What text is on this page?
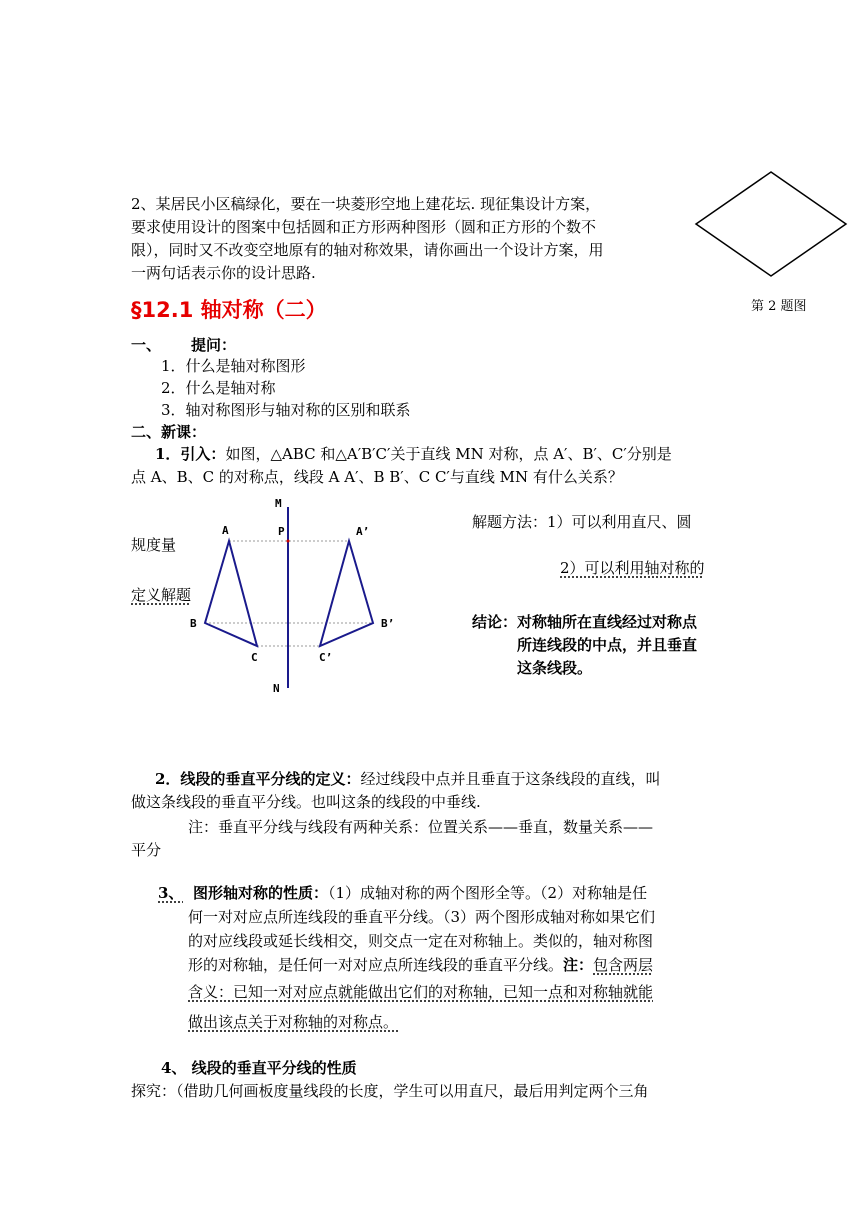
2、某居民小区稿绿化，要在一块菱形空地上建花坛. 现征集设计方案，
要求使用设计的图案中包括圆和正方形两种图形（圆和正方形的个数不
限），同时又不改变空地原有的轴对称效果，请你画出一个设计方案，用
一两句话表示你的设计思路.
第 2 题图
§12.1 轴对称（二）
一、 提问：
1．什么是轴对称图形
2．什么是轴对称
3．轴对称图形与轴对称的区别和联系
二、新课：
1．引入：如图，△ABC 和△A′B′C′关于直线 MN 对称，点 A′、B′、C′分别是
点 A、B、C 的对称点，线段 A A′、B B′、C C′与直线 MN 有什么关系？
M
P
N
A
B
C
A’
B’
C’
解题方法：1）可以利用直尺、圆
规度量
2）可以利用轴对称的
定义解题
结论： 对称轴所在直线经过对称点
所连线段的中点，并且垂直
这条线段。
2．线段的垂直平分线的定义：经过线段中点并且垂直于这条线段的直线，叫
做这条线段的垂直平分线。也叫这条的线段的中垂线.
注：垂直平分线与线段有两种关系：位置关系——垂直，数量关系——
平分
3、 图形轴对称的性质：（1）成轴对称的两个图形全等。（2）对称轴是任
何一对对应点所连线段的垂直平分线。（3）两个图形成轴对称如果它们
的对应线段或延长线相交，则交点一定在对称轴上。类似的，轴对称图
形的对称轴，是任何一对对应点所连线段的垂直平分线。注：包含两层
含义：已知一对对应点就能做出它们的对称轴，已知一点和对称轴就能
做出该点关于对称轴的对称点。
4、 线段的垂直平分线的性质
探究：（借助几何画板度量线段的长度，学生可以用直尺，最后用判定两个三角
